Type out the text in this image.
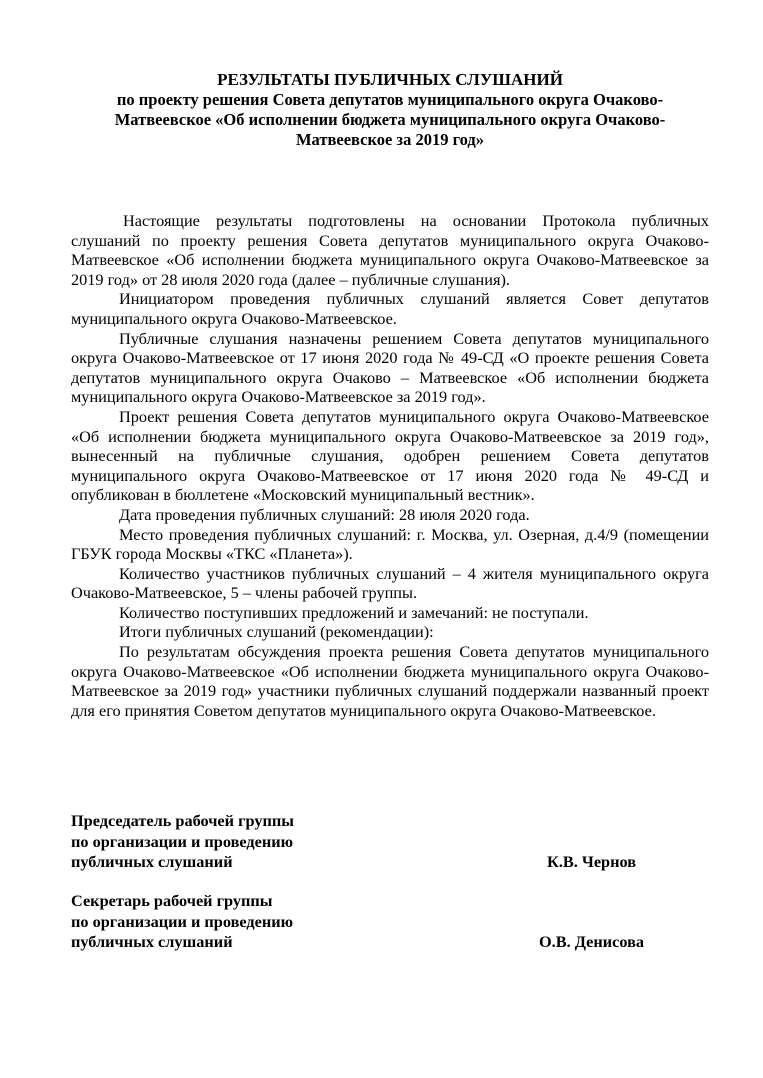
РЕЗУЛЬТАТЫ ПУБЛИЧНЫХ СЛУШАНИЙ
по проекту решения Совета депутатов муниципального округа Очаково-
Матвеевское «Об исполнении бюджета муниципального округа Очаково-
Матвеевское за 2019 год»

Настоящие результаты подготовлены на основании Протокола публичных слушаний по проекту решения Совета депутатов муниципального округа Очаково-Матвеевское «Об исполнении бюджета муниципального округа Очаково-Матвеевское за 2019 год» от 28 июля 2020 года (далее – публичные слушания).

Инициатором проведения публичных слушаний является Совет депутатов муниципального округа Очаково-Матвеевское.

Публичные слушания назначены решением Совета депутатов муниципального округа Очаково-Матвеевское от 17 июня 2020 года № 49-СД «О проекте решения Совета депутатов муниципального округа Очаково – Матвеевское «Об исполнении бюджета муниципального округа Очаково-Матвеевское за 2019 год».

Проект решения Совета депутатов муниципального округа Очаково-Матвеевское «Об исполнении бюджета муниципального округа Очаково-Матвеевское за 2019 год», вынесенный на публичные слушания, одобрен решением Совета депутатов муниципального округа Очаково-Матвеевское от 17 июня 2020 года № 49-СД и опубликован в бюллетене «Московский муниципальный вестник».

Дата проведения публичных слушаний: 28 июля 2020 года.

Место проведения публичных слушаний: г. Москва, ул. Озерная, д.4/9 (помещении ГБУК города Москвы «ТКС «Планета»).

Количество участников публичных слушаний – 4 жителя муниципального округа Очаково-Матвеевское, 5 – члены рабочей группы.

Количество поступивших предложений и замечаний: не поступали.

Итоги публичных слушаний (рекомендации):

По результатам обсуждения проекта решения Совета депутатов муниципального округа Очаково-Матвеевское «Об исполнении бюджета муниципального округа Очаково-Матвеевское за 2019 год» участники публичных слушаний поддержали названный проект для его принятия Советом депутатов муниципального округа Очаково-Матвеевское.

Председатель рабочей группы
по организации и проведению
публичных слушаний	К.В. Чернов
Секретарь рабочей группы
по организации и проведению
публичных слушаний	О.В. Денисова
